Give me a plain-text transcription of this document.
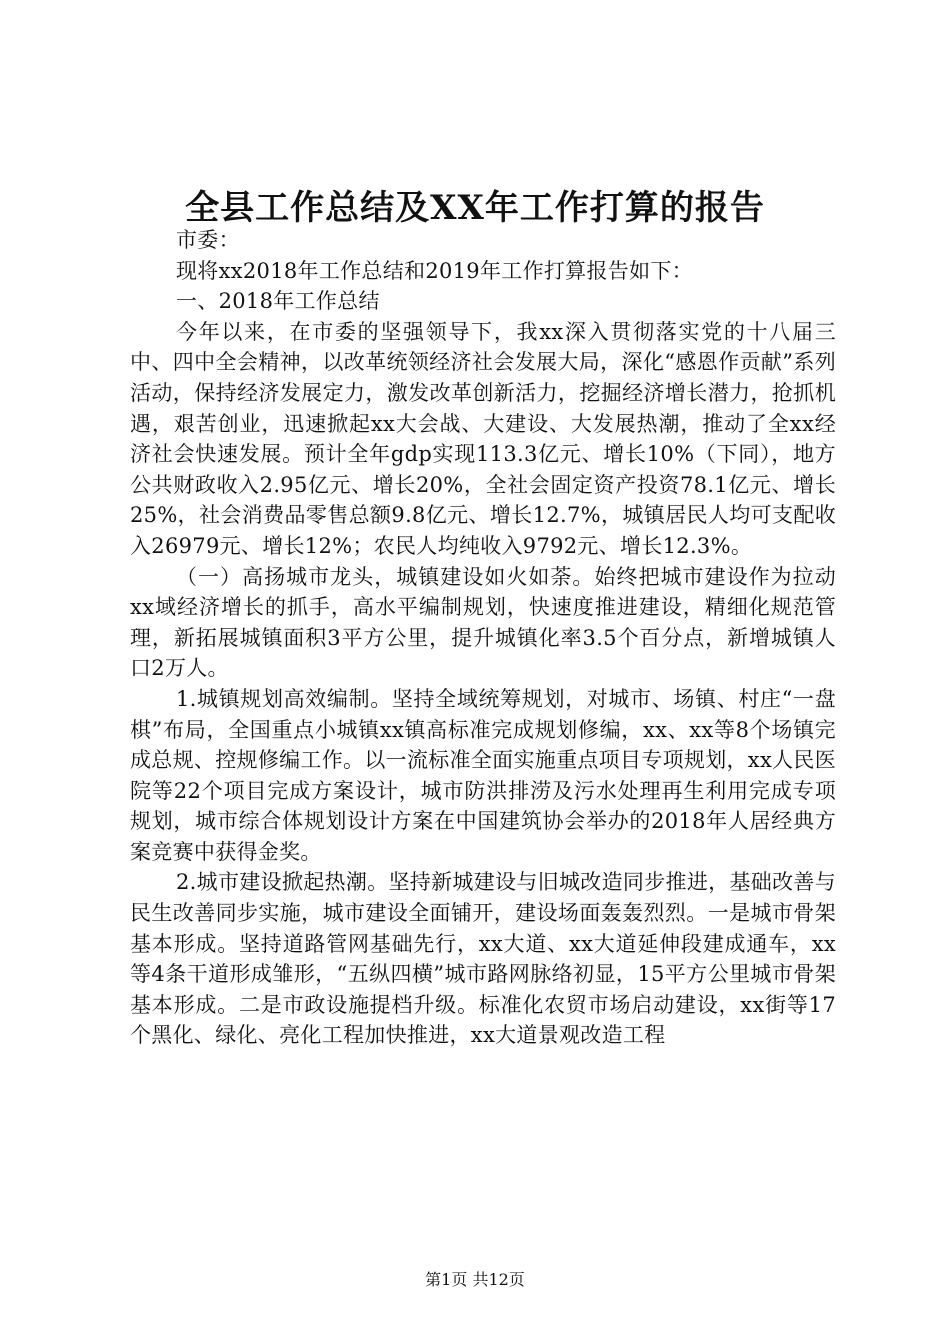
全县工作总结及XX年工作打算的报告

市委：

现将xx2018年工作总结和2019年工作打算报告如下：

一、2018年工作总结

今年以来，在市委的坚强领导下，我xx深入贯彻落实党的十八届三中、四中全会精神，以改革统领经济社会发展大局，深化“感恩作贡献”系列活动，保持经济发展定力，激发改革创新活力，挖掘经济增长潜力，抢抓机遇，艰苦创业，迅速掀起xx大会战、大建设、大发展热潮，推动了全xx经济社会快速发展。预计全年gdp实现113.3亿元、增长10%（下同），地方公共财政收入2.95亿元、增长20%，全社会固定资产投资78.1亿元、增长25%，社会消费品零售总额9.8亿元、增长12.7%，城镇居民人均可支配收入26979元、增长12%；农民人均纯收入9792元、增长12.3%。

（一）高扬城市龙头，城镇建设如火如荼。始终把城市建设作为拉动xx域经济增长的抓手，高水平编制规划，快速度推进建设，精细化规范管理，新拓展城镇面积3平方公里，提升城镇化率3.5个百分点，新增城镇人口2万人。

1.城镇规划高效编制。坚持全域统筹规划，对城市、场镇、村庄“一盘棋”布局，全国重点小城镇xx镇高标准完成规划修编，xx、xx等8个场镇完成总规、控规修编工作。以一流标准全面实施重点项目专项规划，xx人民医院等22个项目完成方案设计，城市防洪排涝及污水处理再生利用完成专项规划，城市综合体规划设计方案在中国建筑协会举办的2018年人居经典方案竞赛中获得金奖。

2.城市建设掀起热潮。坚持新城建设与旧城改造同步推进，基础改善与民生改善同步实施，城市建设全面铺开，建设场面轰轰烈烈。一是城市骨架基本形成。坚持道路管网基础先行，xx大道、xx大道延伸段建成通车，xx等4条干道形成雏形，“五纵四横”城市路网脉络初显，15平方公里城市骨架基本形成。二是市政设施提档升级。标准化农贸市场启动建设，xx街等17个黑化、绿化、亮化工程加快推进，xx大道景观改造工程

第1页 共12页
